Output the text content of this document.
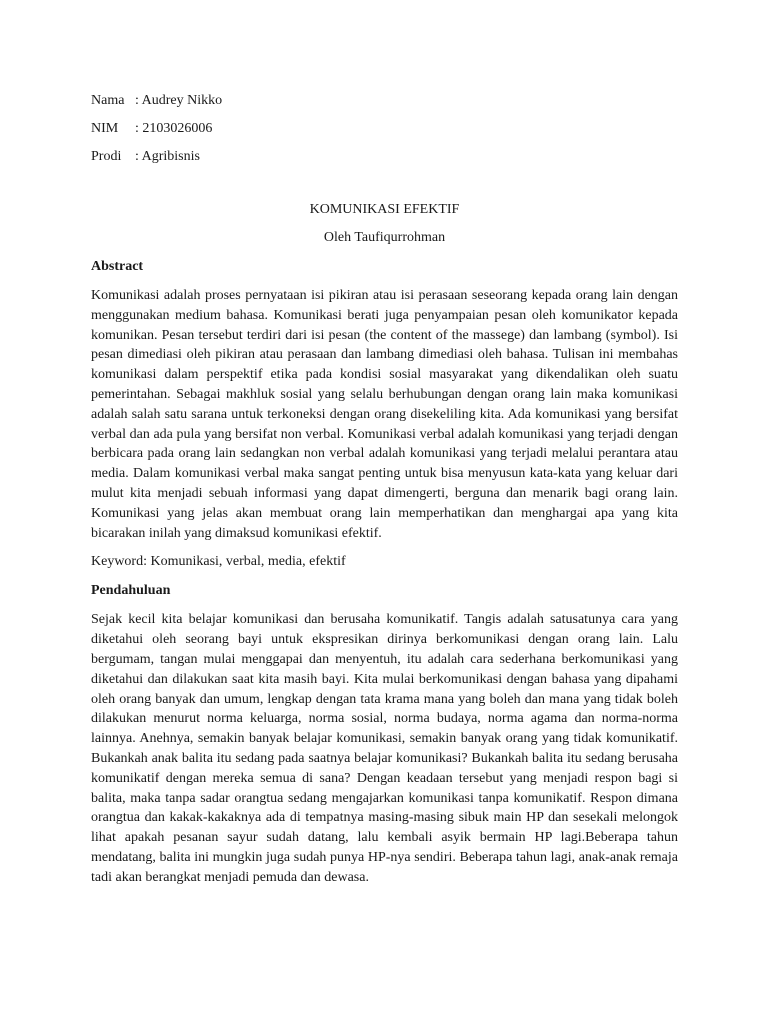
Nama : Audrey Nikko
NIM	: 2103026006
Prodi : Agribisnis
KOMUNIKASI EFEKTIF
Oleh Taufiqurrohman
Abstract
Komunikasi adalah proses pernyataan isi pikiran atau isi perasaan seseorang kepada orang lain dengan menggunakan medium bahasa. Komunikasi berati juga penyampaian pesan oleh komunikator kepada komunikan. Pesan tersebut terdiri dari isi pesan (the content of the massege) dan lambang (symbol). Isi pesan dimediasi oleh pikiran atau perasaan dan lambang dimediasi oleh bahasa. Tulisan ini membahas komunikasi dalam perspektif etika pada kondisi sosial masyarakat yang dikendalikan oleh suatu pemerintahan. Sebagai makhluk sosial yang selalu berhubungan dengan orang lain maka komunikasi adalah salah satu sarana untuk terkoneksi dengan orang disekeliling kita. Ada komunikasi yang bersifat verbal dan ada pula yang bersifat non verbal. Komunikasi verbal adalah komunikasi yang terjadi dengan berbicara pada orang lain sedangkan non verbal adalah komunikasi yang terjadi melalui perantara atau media. Dalam komunikasi verbal maka sangat penting untuk bisa menyusun kata-kata yang keluar dari mulut kita menjadi sebuah informasi yang dapat dimengerti, berguna dan menarik bagi orang lain. Komunikasi yang jelas akan membuat orang lain memperhatikan dan menghargai apa yang kita bicarakan inilah yang dimaksud komunikasi efektif.
Keyword: Komunikasi, verbal, media, efektif
Pendahuluan
Sejak kecil kita belajar komunikasi dan berusaha komunikatif. Tangis adalah satusatunya cara yang diketahui oleh seorang bayi untuk ekspresikan dirinya berkomunikasi dengan orang lain. Lalu bergumam, tangan mulai menggapai dan menyentuh, itu adalah cara sederhana berkomunikasi yang diketahui dan dilakukan saat kita masih bayi. Kita mulai berkomunikasi dengan bahasa yang dipahami oleh orang banyak dan umum, lengkap dengan tata krama mana yang boleh dan mana yang tidak boleh dilakukan menurut norma keluarga, norma sosial, norma budaya, norma agama dan norma-norma lainnya. Anehnya, semakin banyak belajar komunikasi, semakin banyak orang yang tidak komunikatif. Bukankah anak balita itu sedang pada saatnya belajar komunikasi? Bukankah balita itu sedang berusaha komunikatif dengan mereka semua di sana? Dengan keadaan tersebut yang menjadi respon bagi si balita, maka tanpa sadar orangtua sedang mengajarkan komunikasi tanpa komunikatif. Respon dimana orangtua dan kakak-kakaknya ada di tempatnya masing-masing sibuk main HP dan sesekali melongok lihat apakah pesanan sayur sudah datang, lalu kembali asyik bermain HP lagi.Beberapa tahun mendatang, balita ini mungkin juga sudah punya HP-nya sendiri. Beberapa tahun lagi, anak-anak remaja tadi akan berangkat menjadi pemuda dan dewasa.
